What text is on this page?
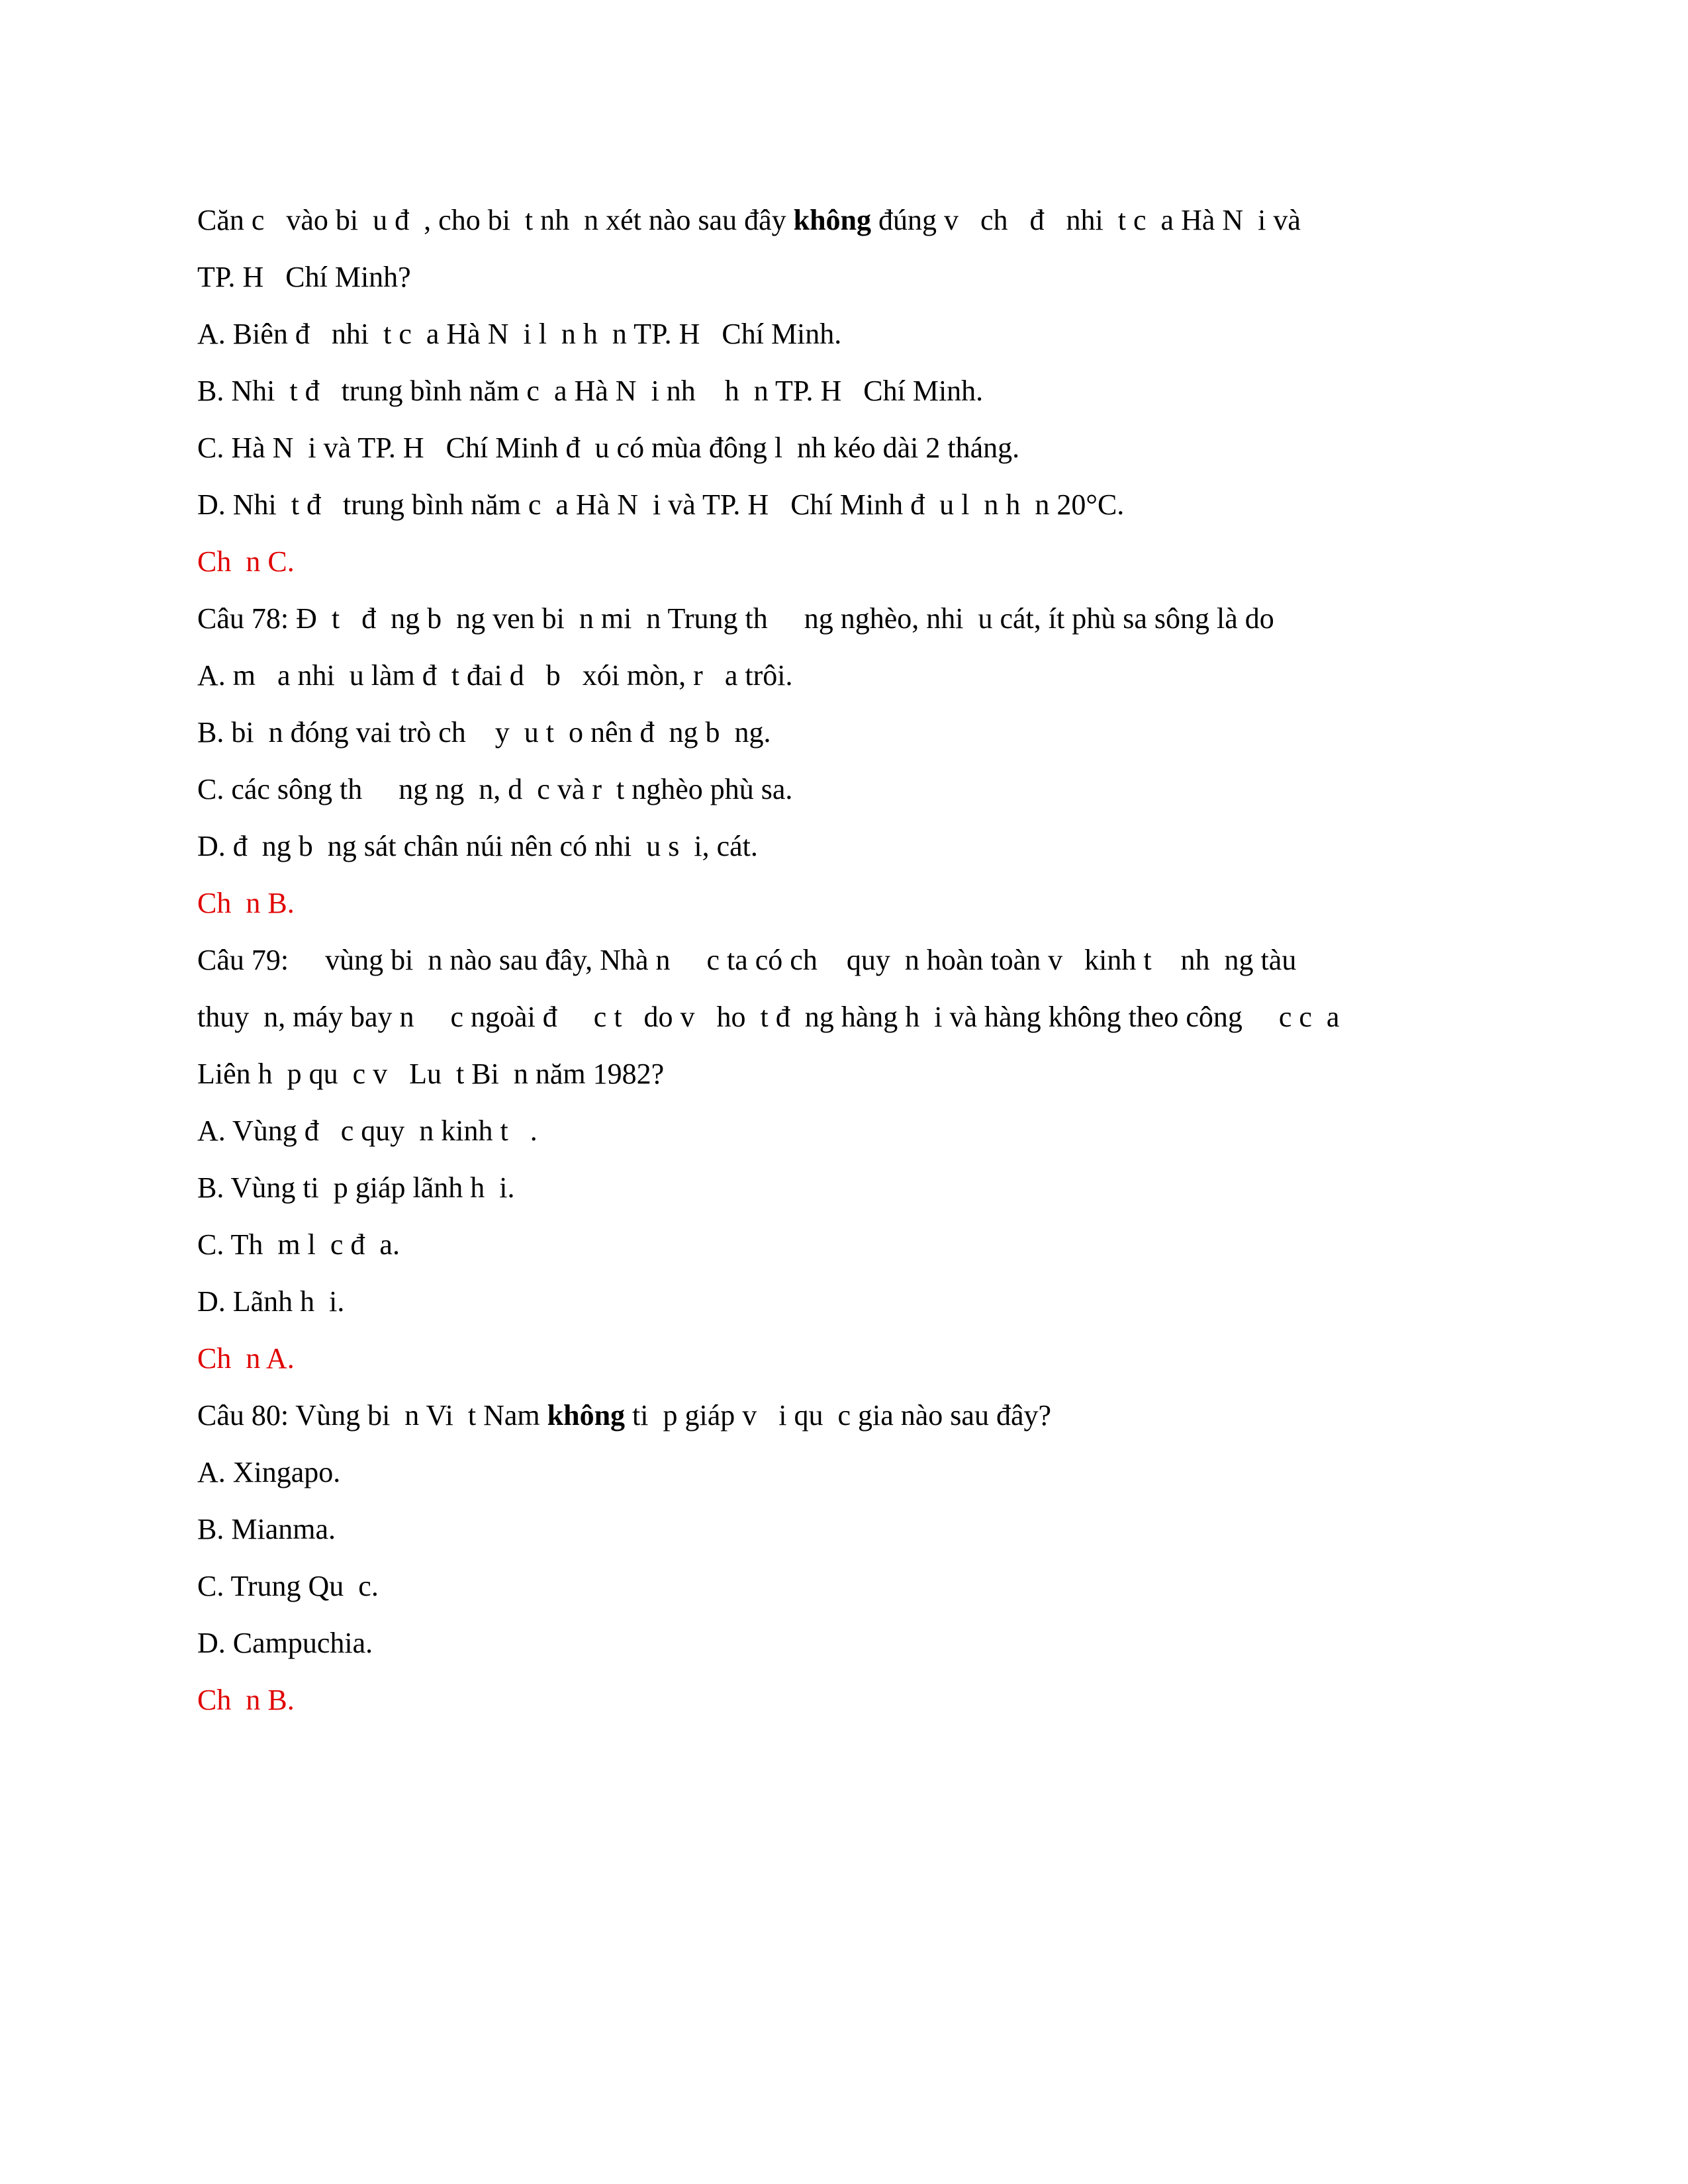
Căn c   vào bi  u đ  , cho bi  t nh  n xét nào sau đây không đúng v   ch   đ   nhi  t c  a Hà N  i và

TP. H   Chí Minh?

A. Biên đ   nhi  t c  a Hà N  i l  n h  n TP. H   Chí Minh.

B. Nhi  t đ   trung bình năm c  a Hà N  i nh    h  n TP. H   Chí Minh.

C. Hà N  i và TP. H   Chí Minh đ  u có mùa đông l  nh kéo dài 2 tháng.

D. Nhi  t đ   trung bình năm c  a Hà N  i và TP. H   Chí Minh đ  u l  n h  n 20°C.

Ch  n C.

Câu 78: Đ  t   đ  ng b  ng ven bi  n mi  n Trung th     ng nghèo, nhi  u cát, ít phù sa sông là do

A. m   a nhi  u làm đ  t đai d   b   xói mòn, r   a trôi.

B. bi  n đóng vai trò ch    y  u t  o nên đ  ng b  ng.

C. các sông th     ng ng  n, d  c và r  t nghèo phù sa.

D. đ  ng b  ng sát chân núi nên có nhi  u s  i, cát.

Ch  n B.

Câu 79:     vùng bi  n nào sau đây, Nhà n     c ta có ch    quy  n hoàn toàn v   kinh t    nh  ng tàu

thuy  n, máy bay n     c ngoài đ     c t   do v   ho  t đ  ng hàng h  i và hàng không theo công     c c  a

Liên h  p qu  c v   Lu  t Bi  n năm 1982?

A. Vùng đ   c quy  n kinh t   .

B. Vùng ti  p giáp lãnh h  i.

C. Th  m l  c đ  a.

D. Lãnh h  i.

Ch  n A.

Câu 80: Vùng bi  n Vi  t Nam không ti  p giáp v   i qu  c gia nào sau đây?

A. Xingapo.

B. Mianma.

C. Trung Qu  c.

D. Campuchia.

Ch  n B.
